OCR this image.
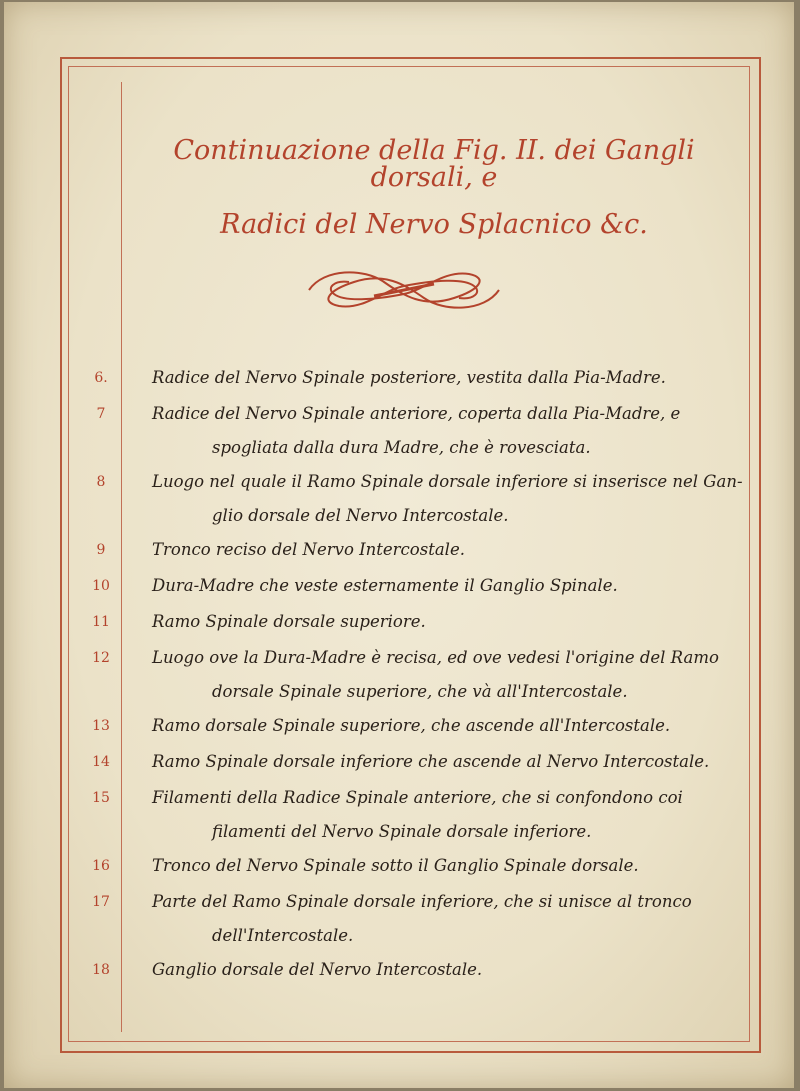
Continuazione della Fig. II. dei Gangli dorsali, e
Radici del Nervo Splacnico &c.
6.	Radice del Nervo Spinale posteriore, vestita dalla Pia-Madre.
7	Radice del Nervo Spinale anteriore, coperta dalla Pia-Madre, e
spogliata dalla dura Madre, che è rovesciata.
8	Luogo nel quale il Ramo Spinale dorsale inferiore si inserisce nel Gan-
glio dorsale del Nervo Intercostale.
9	Tronco reciso del Nervo Intercostale.
10	Dura-Madre che veste esternamente il Ganglio Spinale.
11	Ramo Spinale dorsale superiore.
12	Luogo ove la Dura-Madre è recisa, ed ove vedesi l'origine del Ramo
dorsale Spinale superiore, che và all'Intercostale.
13	Ramo dorsale Spinale superiore, che ascende all'Intercostale.
14	Ramo Spinale dorsale inferiore che ascende al Nervo Intercostale.
15	Filamenti della Radice Spinale anteriore, che si confondono coi
filamenti del Nervo Spinale dorsale inferiore.
16	Tronco del Nervo Spinale sotto il Ganglio Spinale dorsale.
17	Parte del Ramo Spinale dorsale inferiore, che si unisce al tronco
dell'Intercostale.
18	Ganglio dorsale del Nervo Intercostale.
